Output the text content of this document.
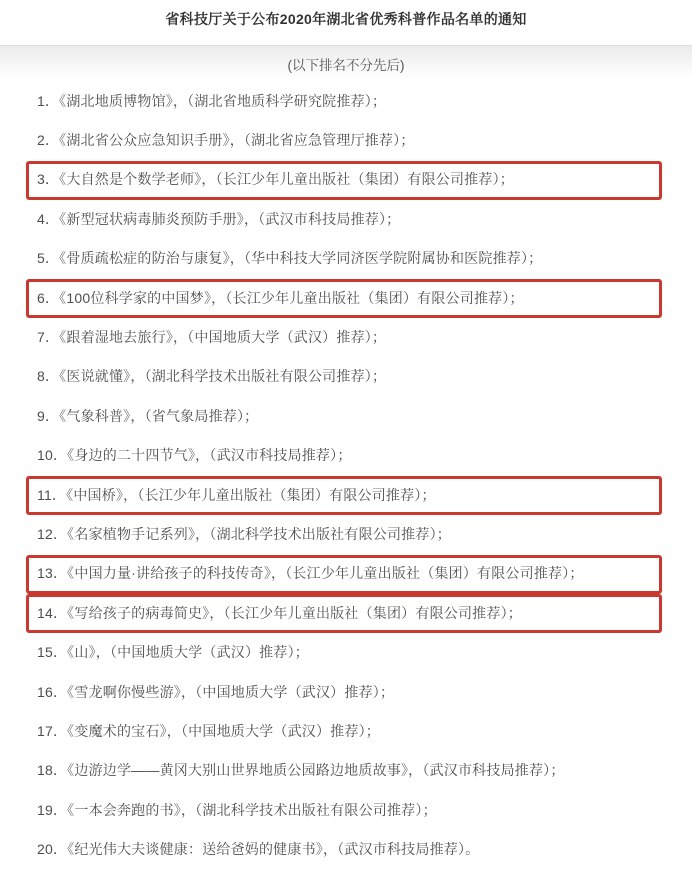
省科技厅关于公布2020年湖北省优秀科普作品名单的通知
(以下排名不分先后)
1．《湖北地质博物馆》，（湖北省地质科学研究院推荐）；
2．《湖北省公众应急知识手册》，（湖北省应急管理厅推荐）；
3．《大自然是个数学老师》，（长江少年儿童出版社（集团）有限公司推荐）；
4．《新型冠状病毒肺炎预防手册》，（武汉市科技局推荐）；
5．《骨质疏松症的防治与康复》，（华中科技大学同济医学院附属协和医院推荐）；
6．《100位科学家的中国梦》，（长江少年儿童出版社（集团）有限公司推荐）；
7．《跟着湿地去旅行》，（中国地质大学（武汉）推荐）；
8．《医说就懂》，（湖北科学技术出版社有限公司推荐）；
9．《气象科普》，（省气象局推荐）；
10．《身边的二十四节气》，（武汉市科技局推荐）；
11．《中国桥》，（长江少年儿童出版社（集团）有限公司推荐）；
12．《名家植物手记系列》，（湖北科学技术出版社有限公司推荐）；
13．《中国力量·讲给孩子的科技传奇》，（长江少年儿童出版社（集团）有限公司推荐）；
14．《写给孩子的病毒简史》，（长江少年儿童出版社（集团）有限公司推荐）；
15．《山》，（中国地质大学（武汉）推荐）；
16．《雪龙啊你慢些游》，（中国地质大学（武汉）推荐）；
17．《变魔术的宝石》，（中国地质大学（武汉）推荐）；
18．《边游边学——黄冈大别山世界地质公园路边地质故事》，（武汉市科技局推荐）；
19．《一本会奔跑的书》，（湖北科学技术出版社有限公司推荐）；
20．《纪光伟大夫谈健康：送给爸妈的健康书》，（武汉市科技局推荐）。
